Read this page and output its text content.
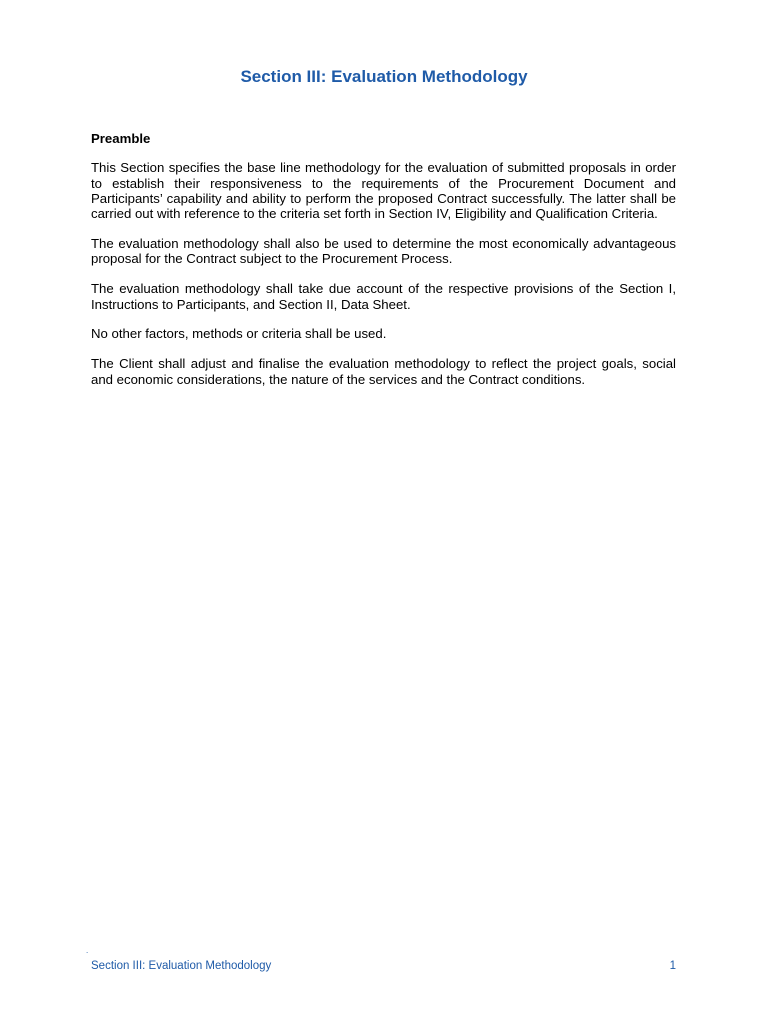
Section III: Evaluation Methodology
Preamble

This Section specifies the base line methodology for the evaluation of submitted proposals in order to establish their responsiveness to the requirements of the Procurement Document and Participants’ capability and ability to perform the proposed Contract successfully. The latter shall be carried out with reference to the criteria set forth in Section IV, Eligibility and Qualification Criteria.

The evaluation methodology shall also be used to determine the most economically advantageous proposal for the Contract subject to the Procurement Process.

The evaluation methodology shall take due account of the respective provisions of the Section I, Instructions to Participants, and Section II, Data Sheet.

No other factors, methods or criteria shall be used.

The Client shall adjust and finalise the evaluation methodology to reflect the project goals, social and economic considerations, the nature of the services and the Contract conditions.

.
Section III: Evaluation Methodology	1
